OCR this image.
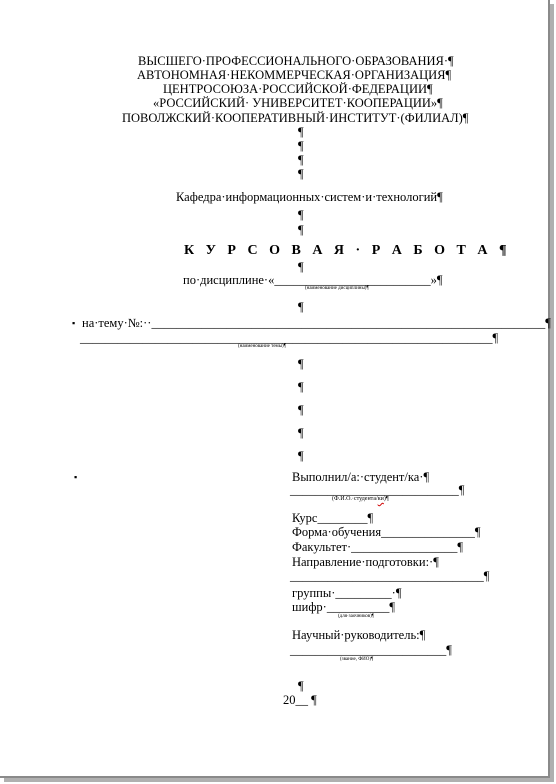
ВЫСШЕГО·ПРОФЕССИОНАЛЬНОГО·ОБРАЗОВАНИЯ·¶
АВТОНОМНАЯ·НЕКОММЕРЧЕСКАЯ·ОРГАНИЗАЦИЯ¶
ЦЕНТРОСОЮЗА·РОССИЙСКОЙ·ФЕДЕРАЦИИ¶
«РОССИЙСКИЙ· УНИВЕРСИТЕТ·КООПЕРАЦИИ»¶
ПОВОЛЖСКИЙ·КООПЕРАТИВНЫЙ·ИНСТИТУТ·(ФИЛИАЛ)¶
¶
¶
¶
¶
Кафедра·информационных·систем·и·технологий¶
¶
¶
К У Р С О В А Я · Р А Б О Т А ¶
¶
по·дисциплине·«_________________________»¶
(наименование дисциплины)¶
¶
▪ на·тему·№:··_______________________________________________________________¶
__________________________________________________________________¶
(наименование темы)¶
¶
¶
¶
¶
¶
▪	Выполнил/а:·студент/ка·¶
___________________________¶
(Ф.И.О.·студента/ки)¶
Курс________¶
Форма·обучения_______________¶
Факультет·_________________¶
Направление·подготовки:·¶
_______________________________¶
группы·_________·¶
шифр·__________¶
(для·заочников)¶
Научный·руководитель:¶
_________________________¶
(звание, ФИО)¶
¶
20__ ¶
